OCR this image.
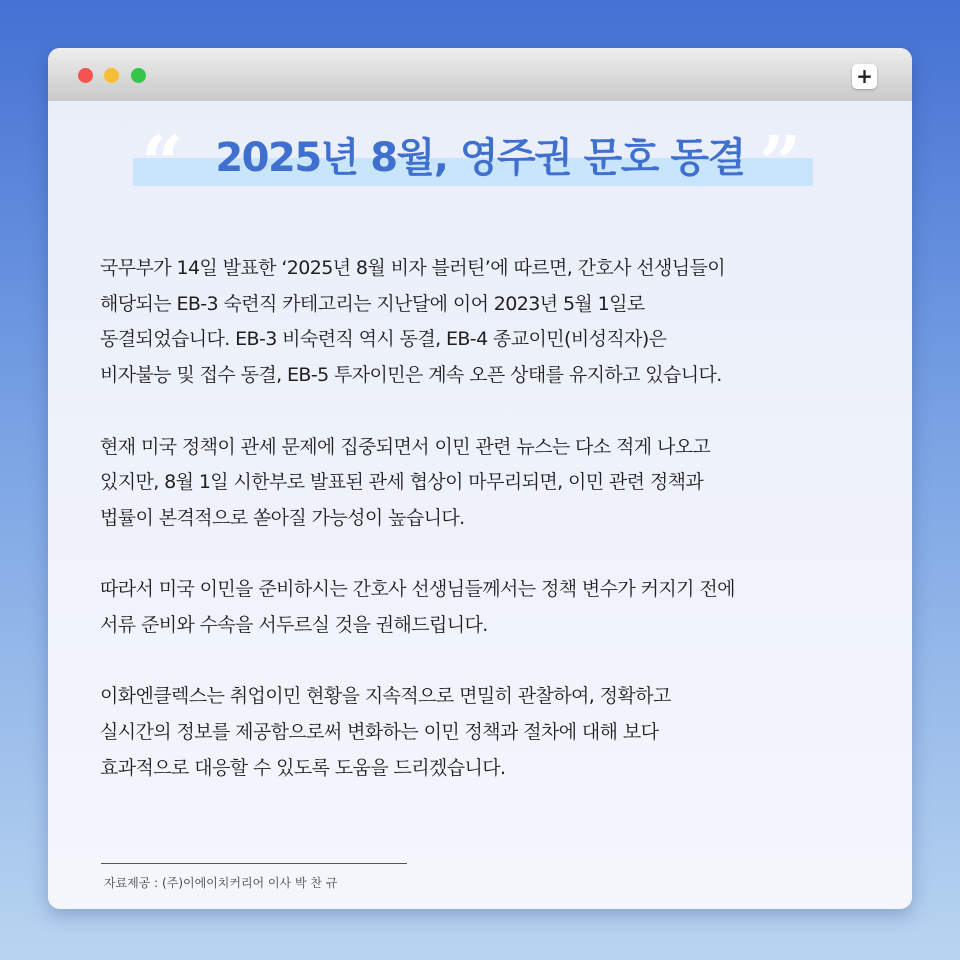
+
“	”
2025년 8월, 영주권 문호 동결

국무부가 14일 발표한 ‘2025년 8월 비자 블러틴’에 따르면, 간호사 선생님들이
해당되는 EB-3 숙련직 카테고리는 지난달에 이어 2023년 5월 1일로
동결되었습니다. EB-3 비숙련직 역시 동결, EB-4 종교이민(비성직자)은
비자불능 및 접수 동결, EB-5 투자이민은 계속 오픈 상태를 유지하고 있습니다.

현재 미국 정책이 관세 문제에 집중되면서 이민 관련 뉴스는 다소 적게 나오고
있지만, 8월 1일 시한부로 발표된 관세 협상이 마무리되면, 이민 관련 정책과
법률이 본격적으로 쏟아질 가능성이 높습니다.

따라서 미국 이민을 준비하시는 간호사 선생님들께서는 정책 변수가 커지기 전에
서류 준비와 수속을 서두르실 것을 권해드립니다.

이화엔클렉스는 취업이민 현황을 지속적으로 면밀히 관찰하여, 정확하고
실시간의 정보를 제공함으로써 변화하는 이민 정책과 절차에 대해 보다
효과적으로 대응할 수 있도록 도움을 드리겠습니다.

자료제공 : (주)이에이치커리어 이사 박 찬 규
